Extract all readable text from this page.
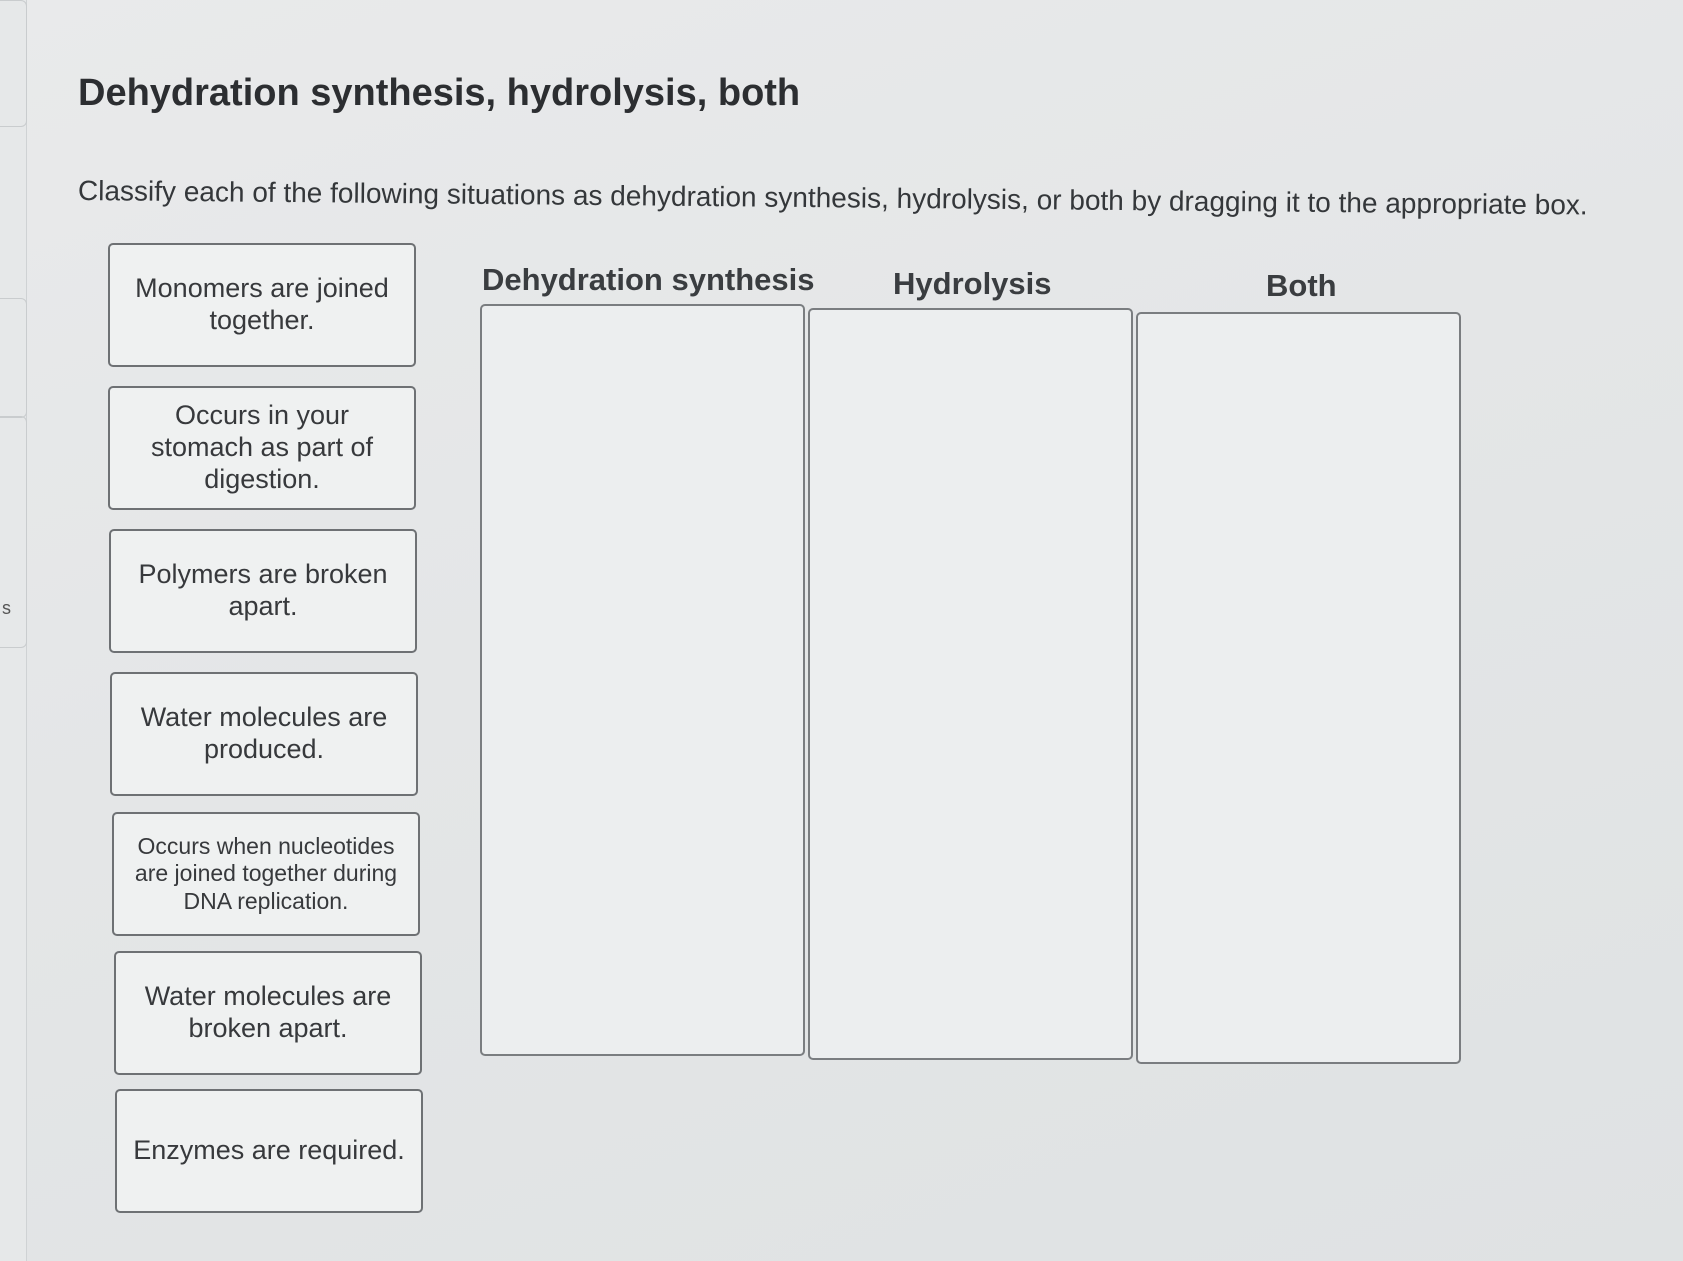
s
Dehydration synthesis, hydrolysis, both

Classify each of the following situations as dehydration synthesis, hydrolysis, or both by dragging it to the appropriate box.

Monomers are joined together.
Occurs in your stomach as part of digestion.
Polymers are broken apart.
Water molecules are produced.
Occurs when nucleotides are joined together during DNA replication.
Water molecules are broken apart.
Enzymes are required.
Dehydration synthesis	Hydrolysis	Both
